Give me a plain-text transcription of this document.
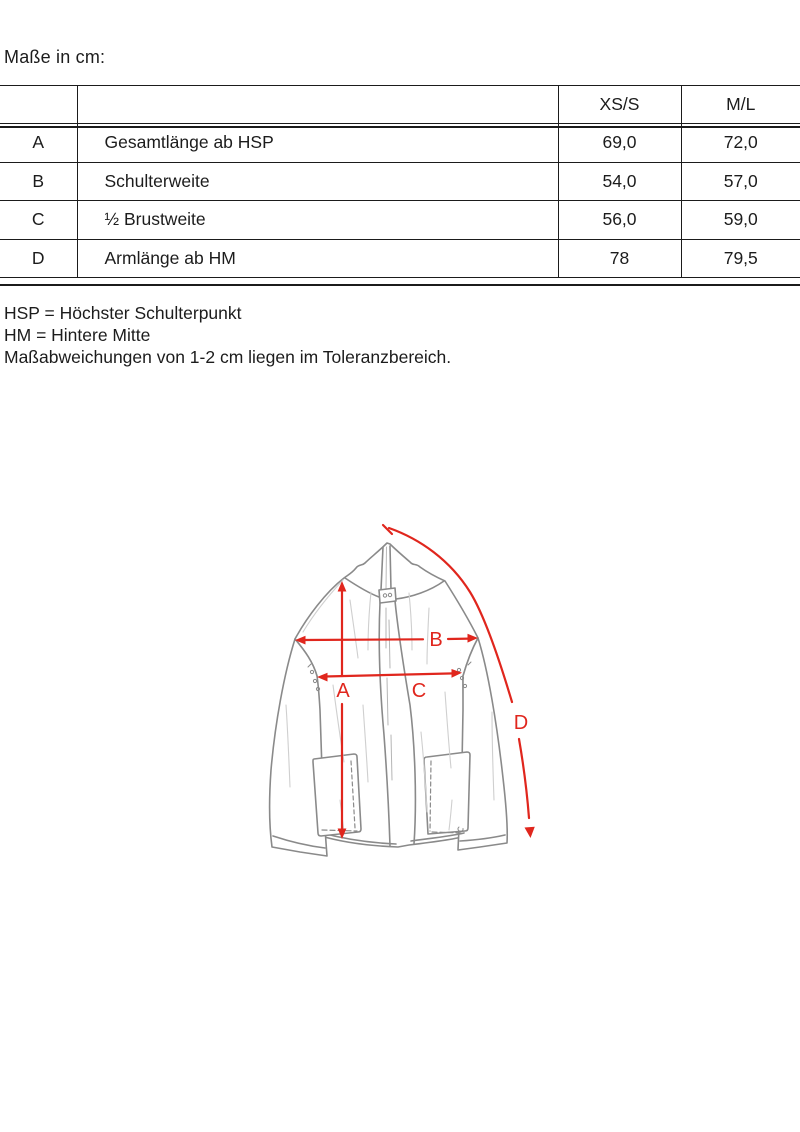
Maße in cm:
		XS/S	M/L
A	Gesamtlänge ab HSP	69,0	72,0
B	Schulterweite	54,0	57,0
C	½ Brustweite	56,0	59,0
D	Armlänge ab HM	78	79,5
HSP = Höchster Schulterpunkt
HM = Hintere Mitte
Maßabweichungen von 1-2 cm liegen im Toleranzbereich.
A
B
C
D
